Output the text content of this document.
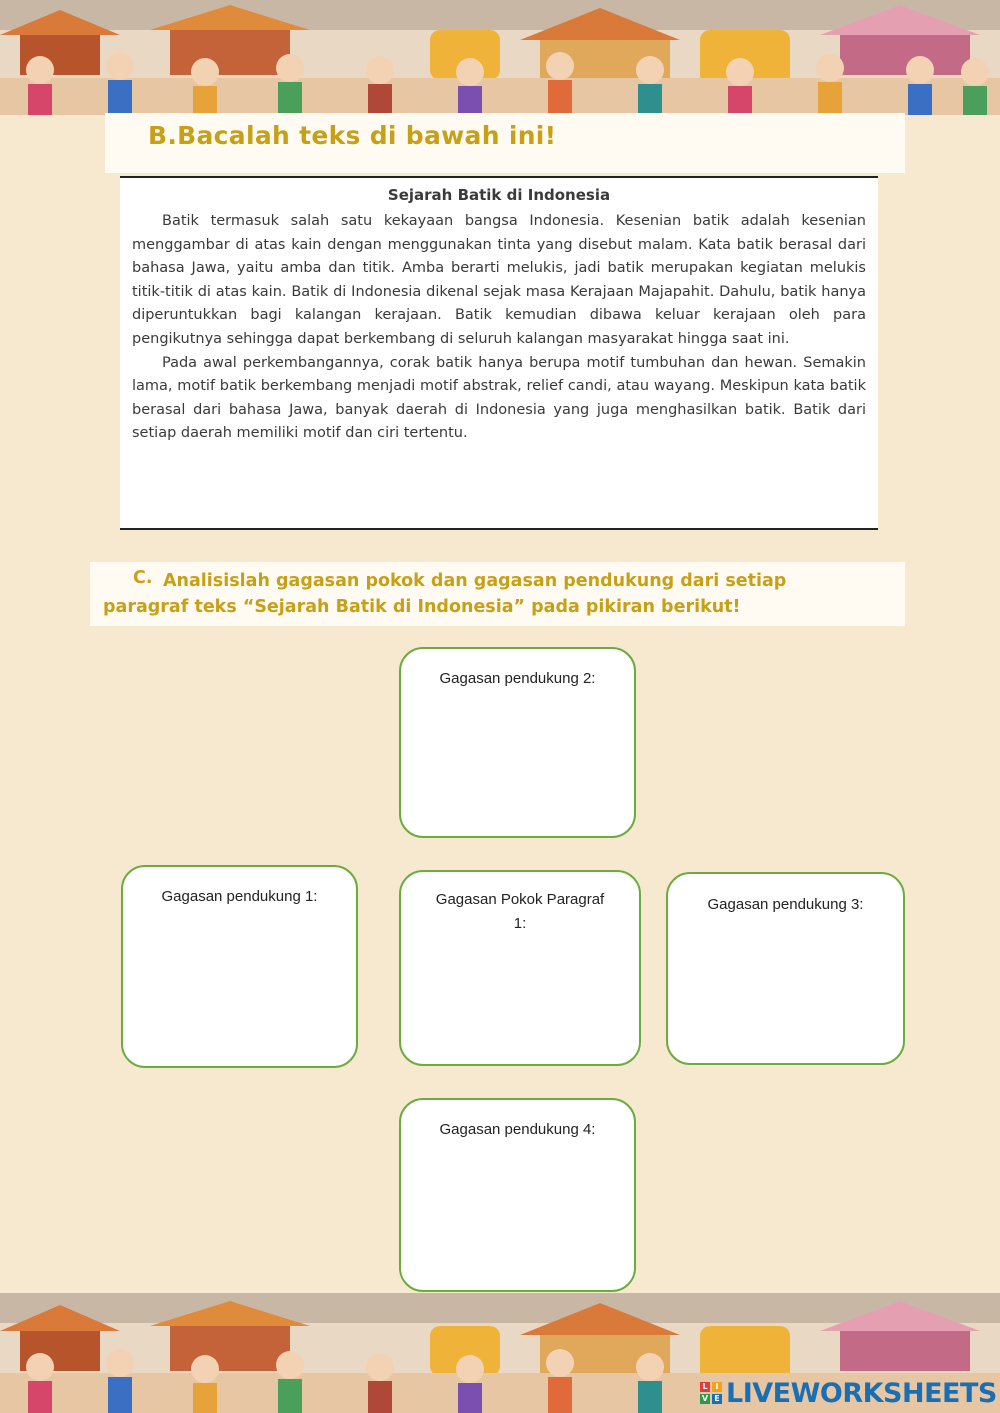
B.Bacalah teks di bawah ini!
Sejarah Batik di Indonesia

Batik termasuk salah satu kekayaan bangsa Indonesia. Kesenian batik adalah kesenian menggambar di atas kain dengan menggunakan tinta yang disebut malam. Kata batik berasal dari bahasa Jawa, yaitu amba dan titik. Amba berarti melukis, jadi batik merupakan kegiatan melukis titik-titik di atas kain. Batik di Indonesia dikenal sejak masa Kerajaan Majapahit. Dahulu, batik hanya diperuntukkan bagi kalangan kerajaan. Batik kemudian dibawa keluar kerajaan oleh para pengikutnya sehingga dapat berkembang di seluruh kalangan masyarakat hingga saat ini.

Pada awal perkembangannya, corak batik hanya berupa motif tumbuhan dan hewan. Semakin lama, motif batik berkembang menjadi motif abstrak, relief candi, atau wayang. Meskipun kata batik berasal dari bahasa Jawa, banyak daerah di Indonesia yang juga menghasilkan batik. Batik dari setiap daerah memiliki motif dan ciri tertentu.

C. Analisislah gagasan pokok dan gagasan pendukung dari setiap
paragraf teks “Sejarah Batik di Indonesia” pada pikiran berikut!
Gagasan pendukung 2:
Gagasan pendukung 1:	Gagasan Pokok Paragraf 1:
Gagasan pendukung 3:
Gagasan pendukung 4:
L I
V E LIVEWORKSHEETS
